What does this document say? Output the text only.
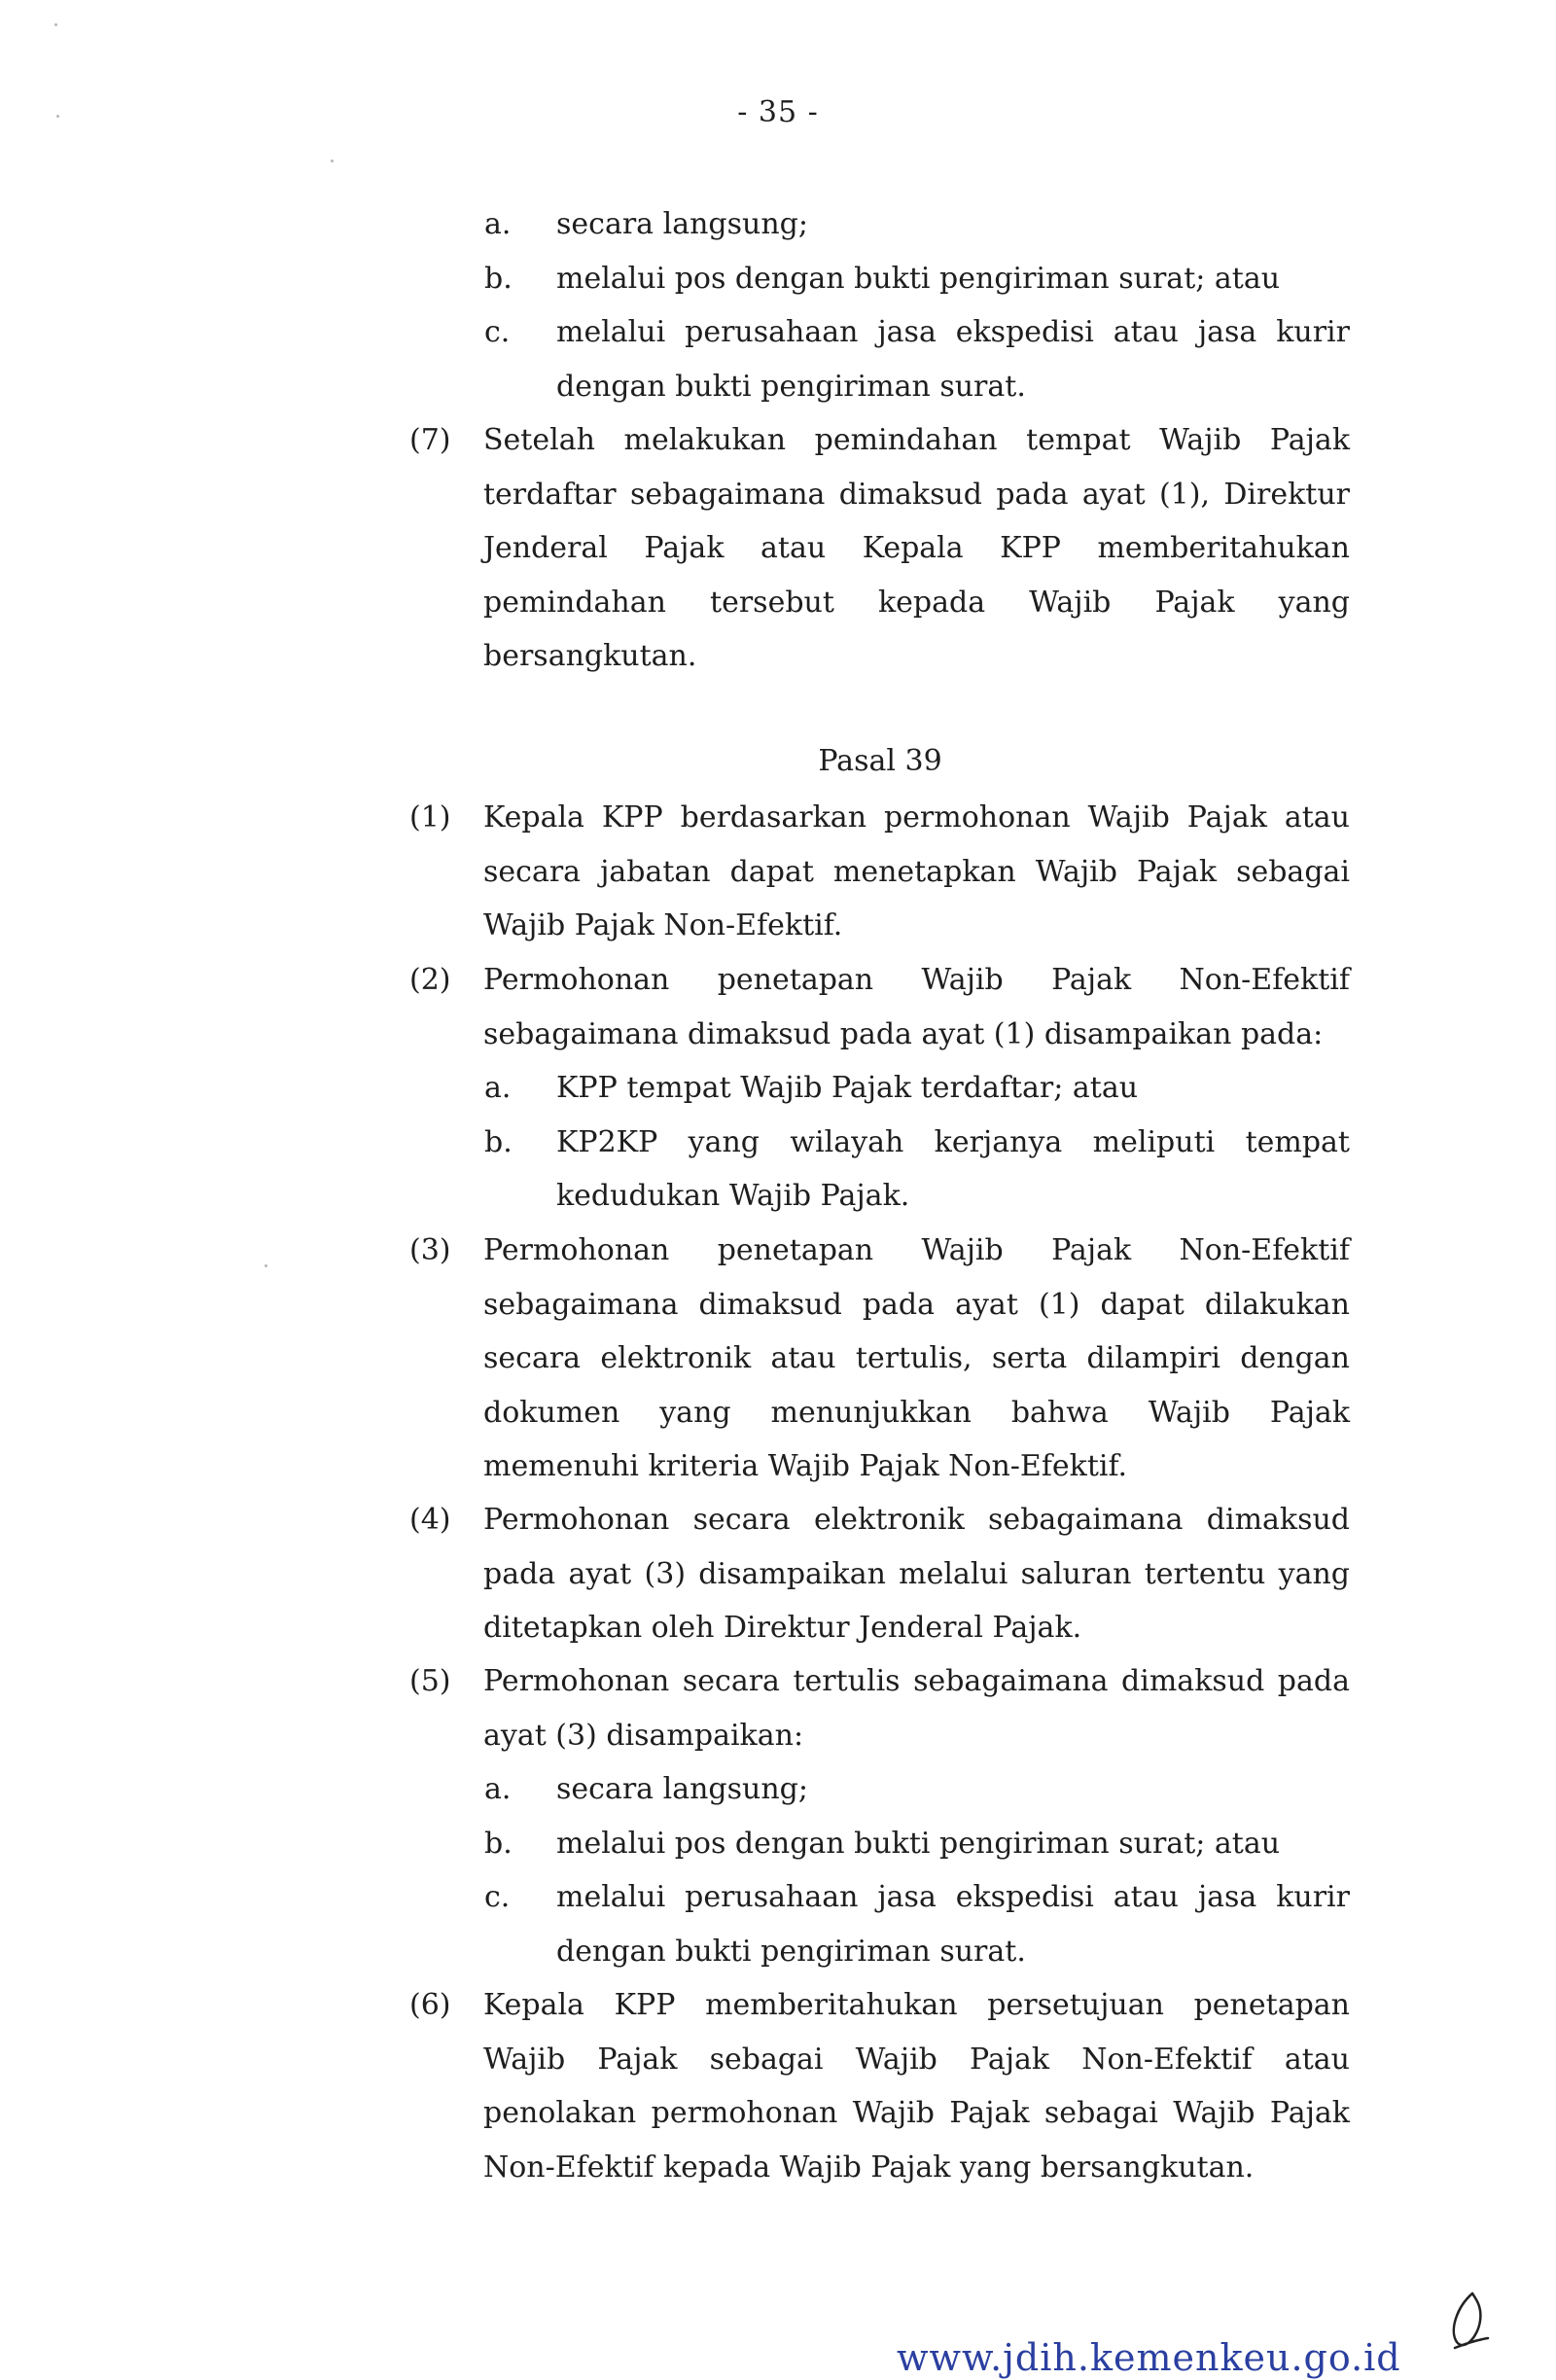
- 35 -
a. secara langsung;
b. melalui pos dengan bukti pengiriman surat; atau
c. melalui perusahaan jasa ekspedisi atau jasa kurir dengan bukti pengiriman surat.
(7) Setelah melakukan pemindahan tempat Wajib Pajak terdaftar sebagaimana dimaksud pada ayat (1), Direktur Jenderal Pajak atau Kepala KPP memberitahukan pemindahan tersebut kepada Wajib Pajak yang bersangkutan.
Pasal 39
(1) Kepala KPP berdasarkan permohonan Wajib Pajak atau secara jabatan dapat menetapkan Wajib Pajak sebagai Wajib Pajak Non-Efektif.
(2) Permohonan penetapan Wajib Pajak Non-Efektif sebagaimana dimaksud pada ayat (1) disampaikan pada:
a. KPP tempat Wajib Pajak terdaftar; atau
b. KP2KP yang wilayah kerjanya meliputi tempat kedudukan Wajib Pajak.
(3) Permohonan penetapan Wajib Pajak Non-Efektif sebagaimana dimaksud pada ayat (1) dapat dilakukan secara elektronik atau tertulis, serta dilampiri dengan dokumen yang menunjukkan bahwa Wajib Pajak memenuhi kriteria Wajib Pajak Non-Efektif.
(4) Permohonan secara elektronik sebagaimana dimaksud pada ayat (3) disampaikan melalui saluran tertentu yang ditetapkan oleh Direktur Jenderal Pajak.
(5) Permohonan secara tertulis sebagaimana dimaksud pada ayat (3) disampaikan:
a. secara langsung;
b. melalui pos dengan bukti pengiriman surat; atau
c. melalui perusahaan jasa ekspedisi atau jasa kurir dengan bukti pengiriman surat.
(6) Kepala KPP memberitahukan persetujuan penetapan Wajib Pajak sebagai Wajib Pajak Non-Efektif atau penolakan permohonan Wajib Pajak sebagai Wajib Pajak Non-Efektif kepada Wajib Pajak yang bersangkutan.
www.jdih.kemenkeu.go.id
